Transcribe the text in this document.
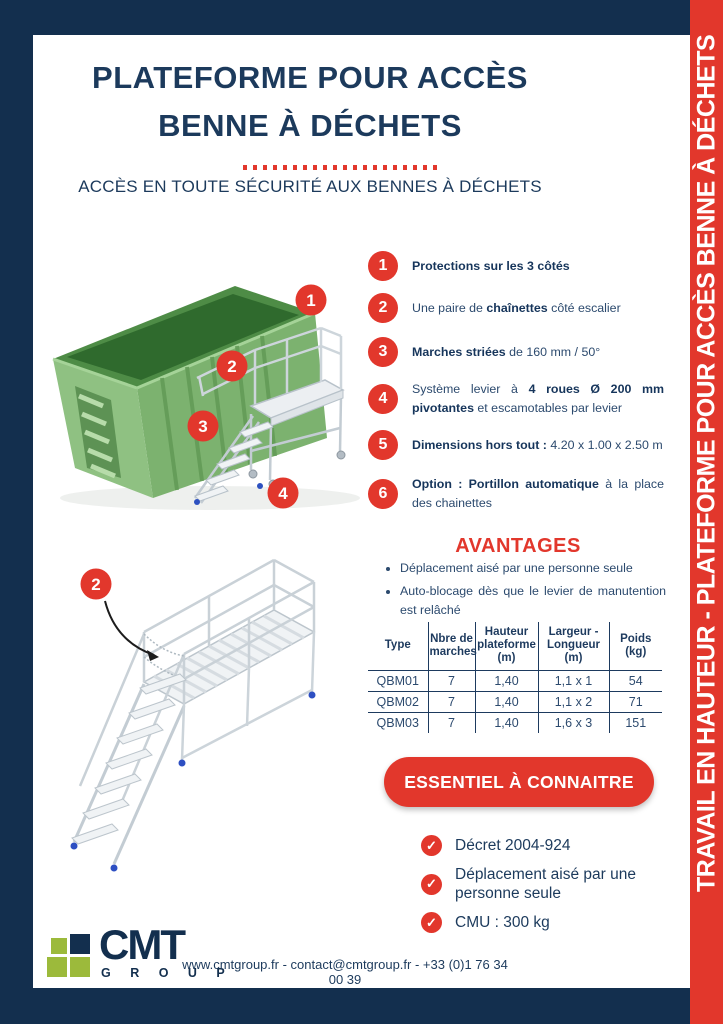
TRAVAIL EN HAUTEUR - PLATEFORME POUR ACCÈS BENNE À DÉCHETS
PLATEFORME POUR ACCÈS
BENNE À DÉCHETS
ACCÈS EN TOUTE SÉCURITÉ AUX BENNES À DÉCHETS
1
2
3
4
1	Protections sur les 3 côtés
2	Une paire de chaînettes côté escalier
3	Marches striées de 160 mm / 50°
4
Système levier à 4 roues Ø 200 mm pivotantes et escamotables par levier
5	Dimensions hors tout : 4.20 x 1.00 x 2.50 m
6
Option : Portillon automatique à la place des chainettes
2
AVANTAGES
• Déplacement aisé par une personne seule
• Auto-blocage dès que le levier de manutention est relâché
Type	Nbre de marches	Hauteur plateforme (m)	Largeur - Longueur (m)	Poids (kg)
QBM01	7	1,40	1,1 x 1	54
QBM02	7	1,40	1,1 x 2	71
QBM03	7	1,40	1,6 x 3	151
ESSENTIEL À CONNAITRE
✓	Décret 2004-924
✓
Déplacement aisé par une personne seule
✓	CMU : 300 kg
CMT
G R O U P
www.cmtgroup.fr - contact@cmtgroup.fr - +33 (0)1 76 34 00 39
